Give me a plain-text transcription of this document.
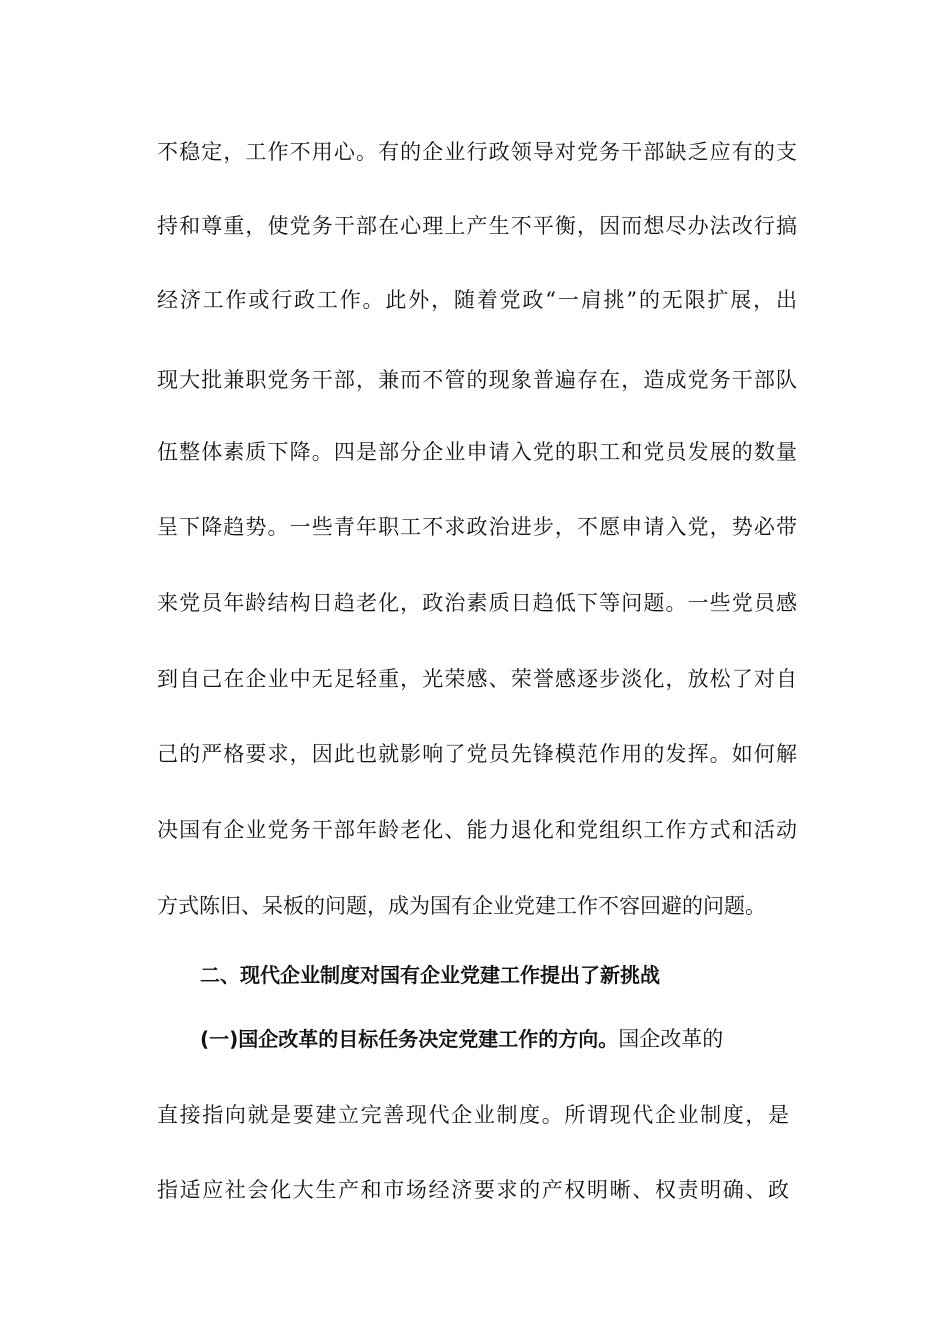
不稳定，工作不用心。有的企业行政领导对党务干部缺乏应有的支
持和尊重，使党务干部在心理上产生不平衡，因而想尽办法改行搞
经济工作或行政工作。此外，随着党政“一肩挑”的无限扩展，出
现大批兼职党务干部，兼而不管的现象普遍存在，造成党务干部队
伍整体素质下降。四是部分企业申请入党的职工和党员发展的数量
呈下降趋势。一些青年职工不求政治进步，不愿申请入党，势必带
来党员年龄结构日趋老化，政治素质日趋低下等问题。一些党员感
到自己在企业中无足轻重，光荣感、荣誉感逐步淡化，放松了对自
己的严格要求，因此也就影响了党员先锋模范作用的发挥。如何解
决国有企业党务干部年龄老化、能力退化和党组织工作方式和活动
方式陈旧、呆板的问题，成为国有企业党建工作不容回避的问题。
二、现代企业制度对国有企业党建工作提出了新挑战
(一)国企改革的目标任务决定党建工作的方向。国企改革的
直接指向就是要建立完善现代企业制度。所谓现代企业制度，是
指适应社会化大生产和市场经济要求的产权明晰、权责明确、政
